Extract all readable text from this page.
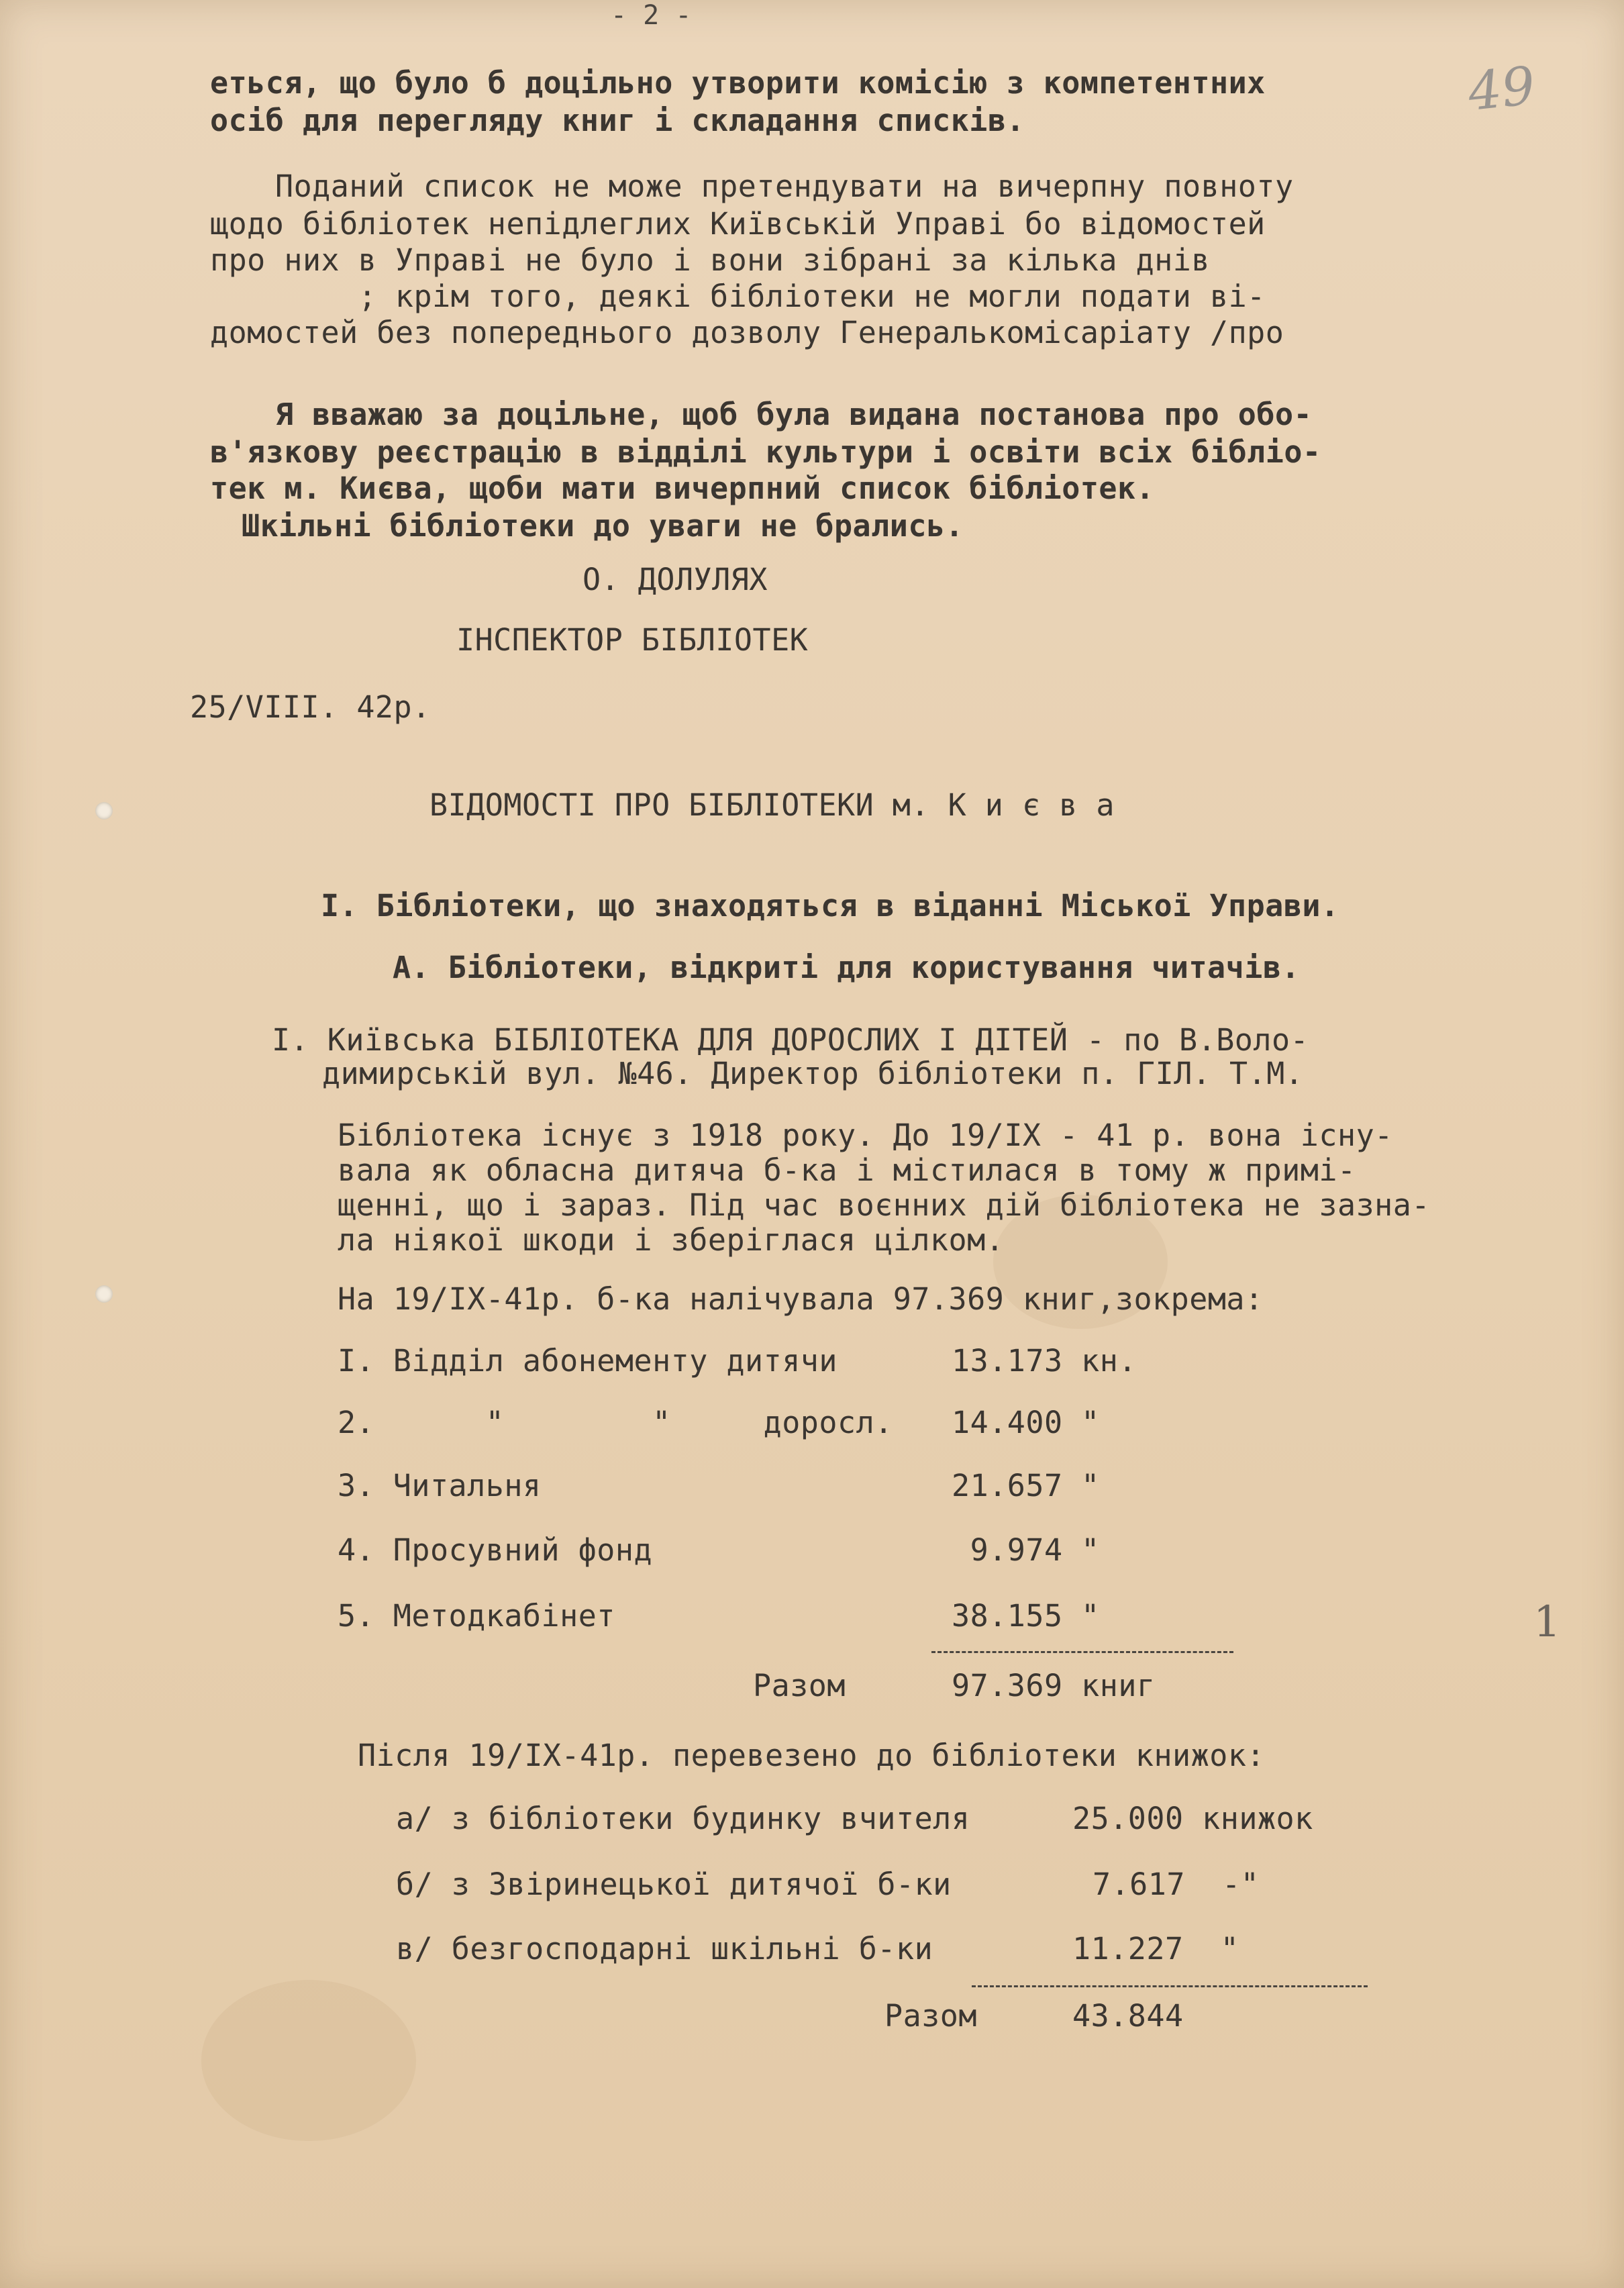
- 2 -
49
еться, що було б доцільно утворити комісію з компетентних
осіб для перегляду книг і складання списків.
Поданий список не може претендувати на вичерпну повноту
щодо бібліотек непідлеглих Київській Управі бо відомостей
про них в Управі не було і вони зібрані за кілька днів
; крім того, деякі бібліотеки не могли подати ві-
домостей без попереднього дозволу Генералькомісаріату /про
Я вважаю за доцільне, щоб була видана постанова про обо-
в'язкову реєстрацію в відділі культури і освіти всіх бібліо-
тек м. Києва, щоби мати вичерпний список бібліотек.
Шкільні бібліотеки до уваги не брались.
О. ДОЛУЛЯХ
ІНСПЕКТОР БІБЛІОТЕК
25/VIII. 42р.
ВІДОМОСТІ ПРО БІБЛІОТЕКИ м. К и є в а
І. Бібліотеки, що знаходяться в віданні Міської Управи.
А. Бібліотеки, відкриті для користування читачів.
І. Київська БІБЛІОТЕКА ДЛЯ ДОРОСЛИХ І ДІТЕЙ - по В.Воло-
димирській вул. №46. Директор бібліотеки п. ГІЛ. Т.М.
Бібліотека існує з 1918 року. До 19/IX - 41 р. вона існу-
вала як обласна дитяча б-ка і містилася в тому ж примі-
щенні, що і зараз. Під час воєнних дій бібліотека не зазна-
ла ніякої шкоди і зберіглася цілком.
На 19/IX-41р. б-ка налічувала 97.369 книг,зокрема:
І. Відділ абонементу дитячи	13.173 кн.
2.      "        "     доросл. 14.400 "
3. Читальня	21.657 "
4. Просувний фонд	9.974 "
5. Методкабінет	38.155 "
Разом	97.369 книг
Після 19/IX-41р. перевезено до бібліотеки книжок:
а/ з бібліотеки будинку вчителя	25.000 книжок
б/ з Звіринецької дитячої б-ки	7.617  -"
в/ безгосподарні шкільні б-ки	11.227  "
Разом	43.844
1
